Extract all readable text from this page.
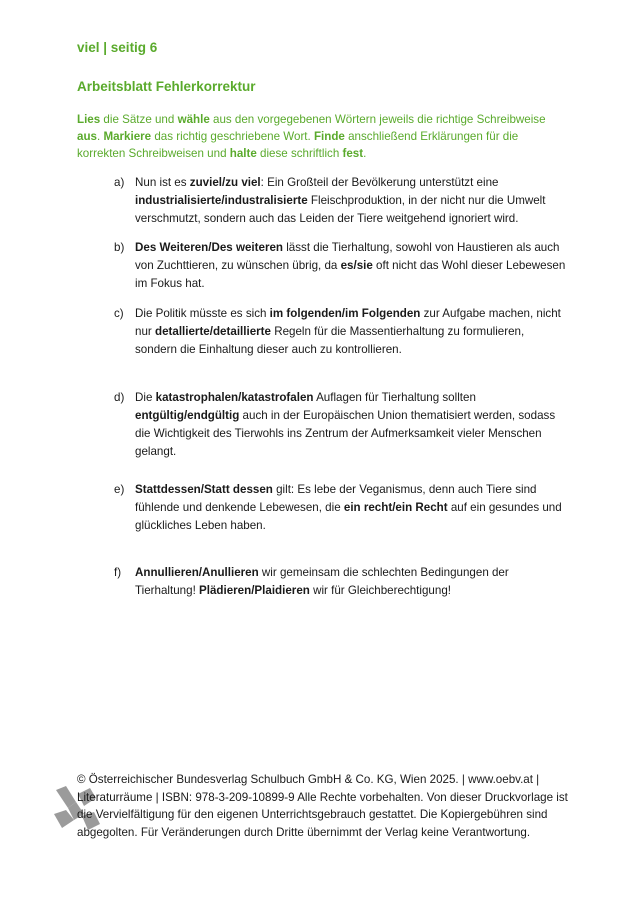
viel | seitig 6
Arbeitsblatt Fehlerkorrektur
Lies die Sätze und wähle aus den vorgegebenen Wörtern jeweils die richtige Schreibweise aus. Markiere das richtig geschriebene Wort. Finde anschließend Erklärungen für die korrekten Schreibweisen und halte diese schriftlich fest.
a) Nun ist es zuviel/zu viel: Ein Großteil der Bevölkerung unterstützt eine industrialisierte/industralisierte Fleischproduktion, in der nicht nur die Umwelt verschmutzt, sondern auch das Leiden der Tiere weitgehend ignoriert wird.
b) Des Weiteren/Des weiteren lässt die Tierhaltung, sowohl von Haustieren als auch von Zuchttieren, zu wünschen übrig, da es/sie oft nicht das Wohl dieser Lebewesen im Fokus hat.
c) Die Politik müsste es sich im folgenden/im Folgenden zur Aufgabe machen, nicht nur detallierte/detaillierte Regeln für die Massentierhaltung zu formulieren, sondern die Einhaltung dieser auch zu kontrollieren.
d) Die katastrophalen/katastrofalen Auflagen für Tierhaltung sollten entgültig/endgültig auch in der Europäischen Union thematisiert werden, sodass die Wichtigkeit des Tierwohls ins Zentrum der Aufmerksamkeit vieler Menschen gelangt.
e) Stattdessen/Statt dessen gilt: Es lebe der Veganismus, denn auch Tiere sind fühlende und denkende Lebewesen, die ein recht/ein Recht auf ein gesundes und glückliches Leben haben.
f) Annullieren/Anullieren wir gemeinsam die schlechten Bedingungen der Tierhaltung! Plädieren/Plaidieren wir für Gleichberechtigung!
© Österreichischer Bundesverlag Schulbuch GmbH & Co. KG, Wien 2025. | www.oebv.at | Literaturräume | ISBN: 978-3-209-10899-9 Alle Rechte vorbehalten. Von dieser Druckvorlage ist die Vervielfältigung für den eigenen Unterrichtsgebrauch gestattet. Die Kopiergebühren sind abgegolten. Für Veränderungen durch Dritte übernimmt der Verlag keine Verantwortung.
